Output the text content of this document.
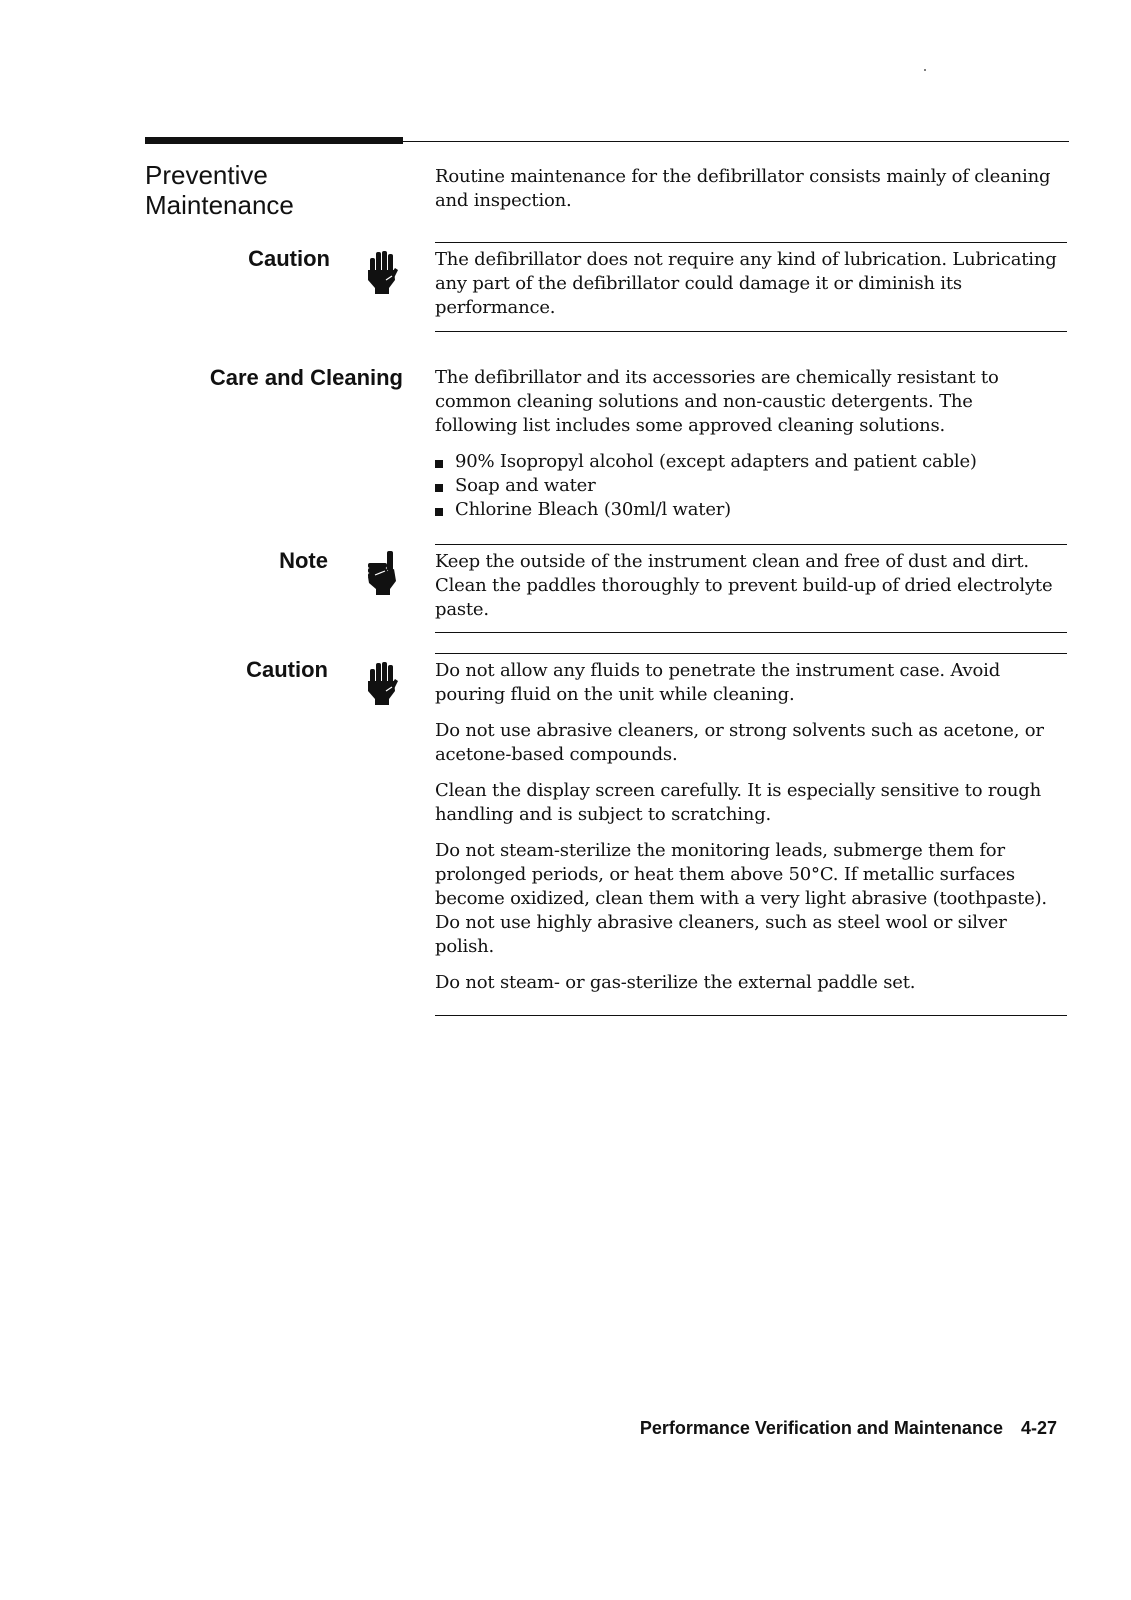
Preventive
Maintenance

Routine maintenance for the defibrillator consists mainly of cleaning and inspection.

Caution	The defibrillator does not require any kind of lubrication. Lubricating any part of the defibrillator could damage it or diminish its performance.

Care and Cleaning The defibrillator and its accessories are chemically resistant to common cleaning solutions and non-caustic detergents. The following list includes some approved cleaning solutions.

90% Isopropyl alcohol (except adapters and patient cable)
Soap and water
Chlorine Bleach (30ml/l water)
Note	Keep the outside of the instrument clean and free of dust and dirt. Clean the paddles thoroughly to prevent build-up of dried electrolyte paste.

Caution	Do not allow any fluids to penetrate the instrument case. Avoid pouring fluid on the unit while cleaning.

Do not use abrasive cleaners, or strong solvents such as acetone, or acetone-based compounds.

Clean the display screen carefully. It is especially sensitive to rough handling and is subject to scratching.

Do not steam-sterilize the monitoring leads, submerge them for prolonged periods, or heat them above 50°C. If metallic surfaces become oxidized, clean them with a very light abrasive (toothpaste). Do not use highly abrasive cleaners, such as steel wool or silver polish.

Do not steam- or gas-sterilize the external paddle set.

Performance Verification and Maintenance 4-27
